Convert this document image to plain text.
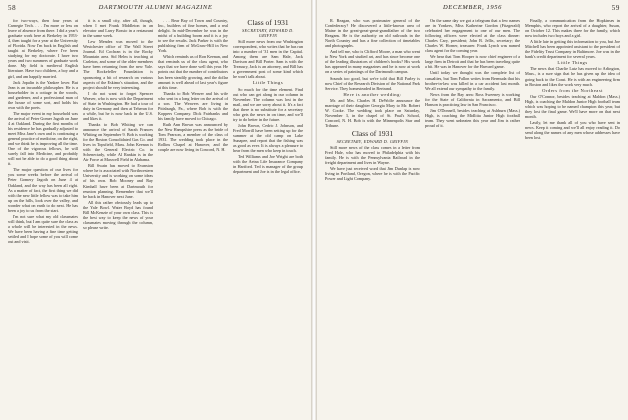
58	DARTMOUTH ALUMNI MAGAZINE

for two-ways, then four years at Carnegie Tech. . . . I'm more or less on leave of absence from there. I did a year's graduate work here at Berkeley in 1953-4, then taught for a year at the University of Florida. Now I'm back in English and taught at Berkeley, where I've been studying for my doctorate. I have two years and two summers of graduate work done. My field is medieval English literature. Have two children, a boy and a girl, and am happily married.

Jack Jopalin is the Yankee lover. But Jean is an incurable philosopher. He is a householder in a cottage in the woods, and gardener, and a professional man of the house of some sort, and holds his own with the poets.

The major event in my household was the arrival of Peter Gomer Jagoth on June 4 at Oakland. During the first months of his residence he has gradually adjusted to meet Miss Jane's own and is continuing a general practice of medicine, on the right, and we think he is improving all the time. One of the vigorous fellows, he will surely fall into Medicine, and probably will not be able to do a good thing about it.

The major question of our lives for you some weeks before the arrival of Peter Gomery Jagoth on June 4 at Oakland, and the way has been all right. As a matter of fact, the first thing we did with the new little fellow was to take him up on the hills, look over the valley, and wonder what on earth to do next. He has been a joy to us from the start.

I'm not sure what my old classmates will think, but I am quite sure the class as a whole will be interested in the news. We have been having a fine time getting settled and I hope some of you will come out and visit.

it is a small city, after all, though, when I met Frank Middleton in an elevator and Larry Bossio in a restaurant in the same week.

Lew Mendez was moved to the Westchester office of The Wall Street Journal. Ed Cochran is in the Rocky Mountain area. Sid Helm is teaching at Carleton, and some of the older members have been returning from the new Yale. The Rockefeller Foundation is sponsoring a bit of research on various aspects of the Eskimo's situation, and the project should be very interesting.

I do not want to forget Spencer Weaver, who is now with the Department of State in Washington. He had a tour of duty in Germany and then at Teheran for a while, but he is now back in the U.S. and likes it.

Thanks to Bob Whiting we can announce the arrival of Sarah Frances Whiting on September 9. Bob is working for the Boston Consolidated Gas Co. and lives in Topsfield, Mass. John Keenan is with the General Electric Co. in Schenectady, while Al Rankin is in the Air Force at Maxwell Field in Alabama.

Bill Swain has moved to Evanston where he is associated with Northwestern University and is working on some ideas of his own. Bob Mooney and Ray Kimball have been at Dartmouth for reunion planning. Remember that we'll be back in Hanover next June.

All this rather obviously leads up to the Yale Bowl. Water Boyd has found Bill McKenzie of your own class. This is the best way to keep the news of your classmates moving through the column, so please write.

. . . Bear Bay of Town and Country, Inc., builders of fine homes, and a real delight. In mid-December he was in the midst of a building boom and it is a joy to see the results. Jack Parker is with the publishing firm of McGraw-Hill in New York.

Which reminds us of Ron Keenan, and that reminds us of the class agent, who says that we have done well this year. He points out that the number of contributors has been steadily growing, and the dollar amount is well ahead of last year's figure at this time.

Thanks to Bob Weaver and his wife who sent in a long letter on the arrival of a son. The Weavers are living in Pittsburgh, Pa., where Bob is with the Koppers Company. Dick Fairbanks and his family have moved to Chicago.

Ruth Ann Brown was announced by the New Hampshire press as the bride of Tom Pearson, a member of the class of 1931. The wedding took place in the Rollins Chapel at Hanover, and the couple are now living in Concord, N. H.

Class of 1931

SECRETARY, EDWARD D. GRIFFIN

Still more news from our Washington correspondent, who writes that he has run into a number of '31 men in the Capital. Among them are Sam Hale, Jack Davison and Bill Porter. Sam is with the Treasury, Jack is an attorney, and Bill has a government post of some kind which he won't talk about.

Little Things

So much for the time element. Find out who can get along in our column in November. The column was lost in the mail, and we are sorry about it. It's a fact that there is no substitute for a secretary who gets the news in on time, and we'll try to do better in the future.

John Brown, Cedric J. Johnson, and Fred Morrill have been setting up for the summer at the old camp on Lake Sunapee, and report that the fishing was as good as ever. It is always a pleasure to hear from the men who keep in touch.

Ted Williams and Joe Wright are both with the Aetna Life Insurance Company in Hartford. Ted is manager of the group department and Joe is in the legal office.

DECEMBER, 1956	59

R. Reagan, who was postmaster general of the Confederacy? He discovered a little-known area of Maine in the great-great-great-grandfather of the two Reagans. He is the authority on old railroads in the North Country and has a fine collection of timetables and photographs.

And tell me, who is Clifford Moore, a man who went to New York and studied art, and has since become one of the leading illustrators of children's books? His work has appeared in many magazines and he is now at work on a series of paintings of the Dartmouth campus.

Sounds too good, but we're told that Bill Farley is now Chief of the Research Division of the National Park Service. They homesteaded in Bertrand.

Here is another wedding:

Mr. and Mrs. Charles H. DeWolfe announce the marriage of their daughter Georgia Mary to Mr. Robert W. Cooke. The wedding took place on Saturday, November 3, in the chapel of St. Paul's School, Concord, N. H. Bob is with the Minneapolis Star and Tribune.

Class of 1931

SECRETARY, EDWARD D. GRIFFIN

Still more news of the class comes in a letter from Fred Hale, who has moved to Philadelphia with his family. He is with the Pennsylvania Railroad in the freight department and lives in Wayne.

We have just received word that Jim Dunlap is now living in Portland, Oregon, where he is with the Pacific Power and Light Company.

On the same day we got a telegram that a few names are in Yonkers, Miss Katherine Gordon (Fitzgerald) celebrated her engagement to one of our men. The following officers were elected at the class dinner: Charles Cary, president; John B. Jellis, secretary; the Charles W. Horner, treasurer. Frank Lynch was named class agent for the coming year.

We hear that Tom Hooper is now chief engineer of a large firm in Detroit and that he has been traveling quite a bit. He was in Hanover for the Harvard game.

Until today we thought was the complete list of casualties, but Tom Fallon writes from Bermuda that his brother-in-law was killed in a car accident last month. We all extend our sympathy to the family.

News from the Bay area: Ross Sweeney is working for the State of California in Sacramento, and Bill Hanson is practicing law in San Francisco.

Jim O'Donnell, besides teaching at Ashburn (Mass.) High, is coaching the Midlitta Junior High football team. They went unbeaten this year and Jim is rather proud of it.

Finally, a communication from the Hopkinses in Memphis, who report the arrival of a daughter, Susan, on October 12. This makes three for the family, which now includes two boys and a girl.

A little late in getting this information to you, but Joe Mitchell has been appointed assistant to the president of the Fidelity Trust Company in Baltimore. Joe was in the bank's credit department for several years.

Little Things

The news that Charlie Lutz has moved to Arlington, Mass., is a sure sign that he has given up the idea of going back to the Coast. He is with an engineering firm in Boston and likes the work very much.

Orders from the Northeast

Our O'Connor, besides teaching at Maldon (Mass.) High, is coaching the Maldon Junior High football team which was hoping to be named champion this year, but they lost the final game. We'll have more on that next month.

Lastly, let me thank all of you who have sent in news. Keep it coming and we'll all enjoy reading it. Do send along the names of any men whose addresses have been lost.
